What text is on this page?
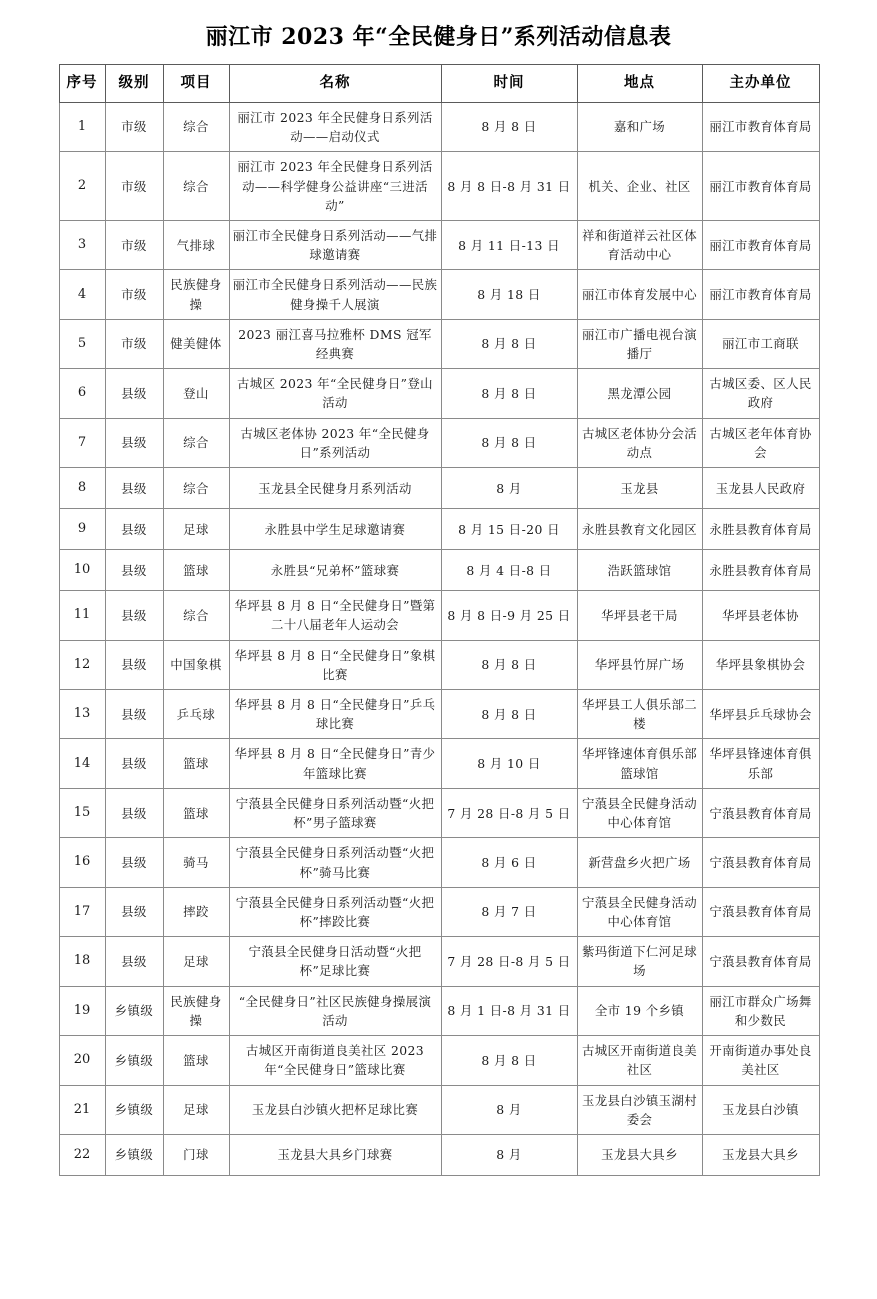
丽江市 2023 年“全民健身日”系列活动信息表
序号	级别	项目	名称	时间	地点	主办单位
1	市级	综合	丽江市 2023 年全民健身日系列活动——启动仪式	8 月 8 日	嘉和广场	丽江市教育体育局
2	市级	综合	丽江市 2023 年全民健身日系列活动——科学健身公益讲座“三进活动”	8 月 8 日-8 月 31 日	机关、企业、社区	丽江市教育体育局
3	市级	气排球	丽江市全民健身日系列活动——气排球邀请赛	8 月 11 日-13 日	祥和街道祥云社区体育活动中心	丽江市教育体育局
4	市级	民族健身操	丽江市全民健身日系列活动——民族健身操千人展演	8 月 18 日	丽江市体育发展中心	丽江市教育体育局
5	市级	健美健体	2023 丽江喜马拉雅杯 DMS 冠军经典赛	8 月 8 日	丽江市广播电视台演播厅	丽江市工商联
6	县级	登山	古城区 2023 年“全民健身日”登山活动	8 月 8 日	黑龙潭公园	古城区委、区人民政府
7	县级	综合	古城区老体协 2023 年“全民健身日”系列活动	8 月 8 日	古城区老体协分会活动点	古城区老年体育协会
8	县级	综合	玉龙县全民健身月系列活动	8 月	玉龙县	玉龙县人民政府
9	县级	足球	永胜县中学生足球邀请赛	8 月 15 日-20 日	永胜县教育文化园区	永胜县教育体育局
10	县级	篮球	永胜县“兄弟杯”篮球赛	8 月 4 日-8 日	浩跃篮球馆	永胜县教育体育局
11	县级	综合	华坪县 8 月 8 日“全民健身日”暨第二十八届老年人运动会	8 月 8 日-9 月 25 日	华坪县老干局	华坪县老体协
12	县级	中国象棋	华坪县 8 月 8 日“全民健身日”象棋比赛	8 月 8 日	华坪县竹屏广场	华坪县象棋协会
13	县级	乒乓球	华坪县 8 月 8 日“全民健身日”乒乓球比赛	8 月 8 日	华坪县工人俱乐部二楼	华坪县乒乓球协会
14	县级	篮球	华坪县 8 月 8 日“全民健身日”青少年篮球比赛	8 月 10 日	华坪锋速体育俱乐部篮球馆	华坪县锋速体育俱乐部
15	县级	篮球	宁蒗县全民健身日系列活动暨“火把杯”男子篮球赛	7 月 28 日-8 月 5 日	宁蒗县全民健身活动中心体育馆	宁蒗县教育体育局
16	县级	骑马	宁蒗县全民健身日系列活动暨“火把杯”骑马比赛	8 月 6 日	新营盘乡火把广场	宁蒗县教育体育局
17	县级	摔跤	宁蒗县全民健身日系列活动暨“火把杯”摔跤比赛	8 月 7 日	宁蒗县全民健身活动中心体育馆	宁蒗县教育体育局
18	县级	足球	宁蒗县全民健身日活动暨“火把杯”足球比赛	7 月 28 日-8 月 5 日	紫玛街道下仁河足球场	宁蒗县教育体育局
19	乡镇级	民族健身操	“全民健身日”社区民族健身操展演活动	8 月 1 日-8 月 31 日	全市 19 个乡镇	丽江市群众广场舞和少数民
20	乡镇级	篮球	古城区开南街道良美社区 2023 年“全民健身日”篮球比赛	8 月 8 日	古城区开南街道良美社区	开南街道办事处良美社区
21	乡镇级	足球	玉龙县白沙镇火把杯足球比赛	8 月	玉龙县白沙镇玉湖村委会	玉龙县白沙镇
22	乡镇级	门球	玉龙县大具乡门球赛	8 月	玉龙县大具乡	玉龙县大具乡
